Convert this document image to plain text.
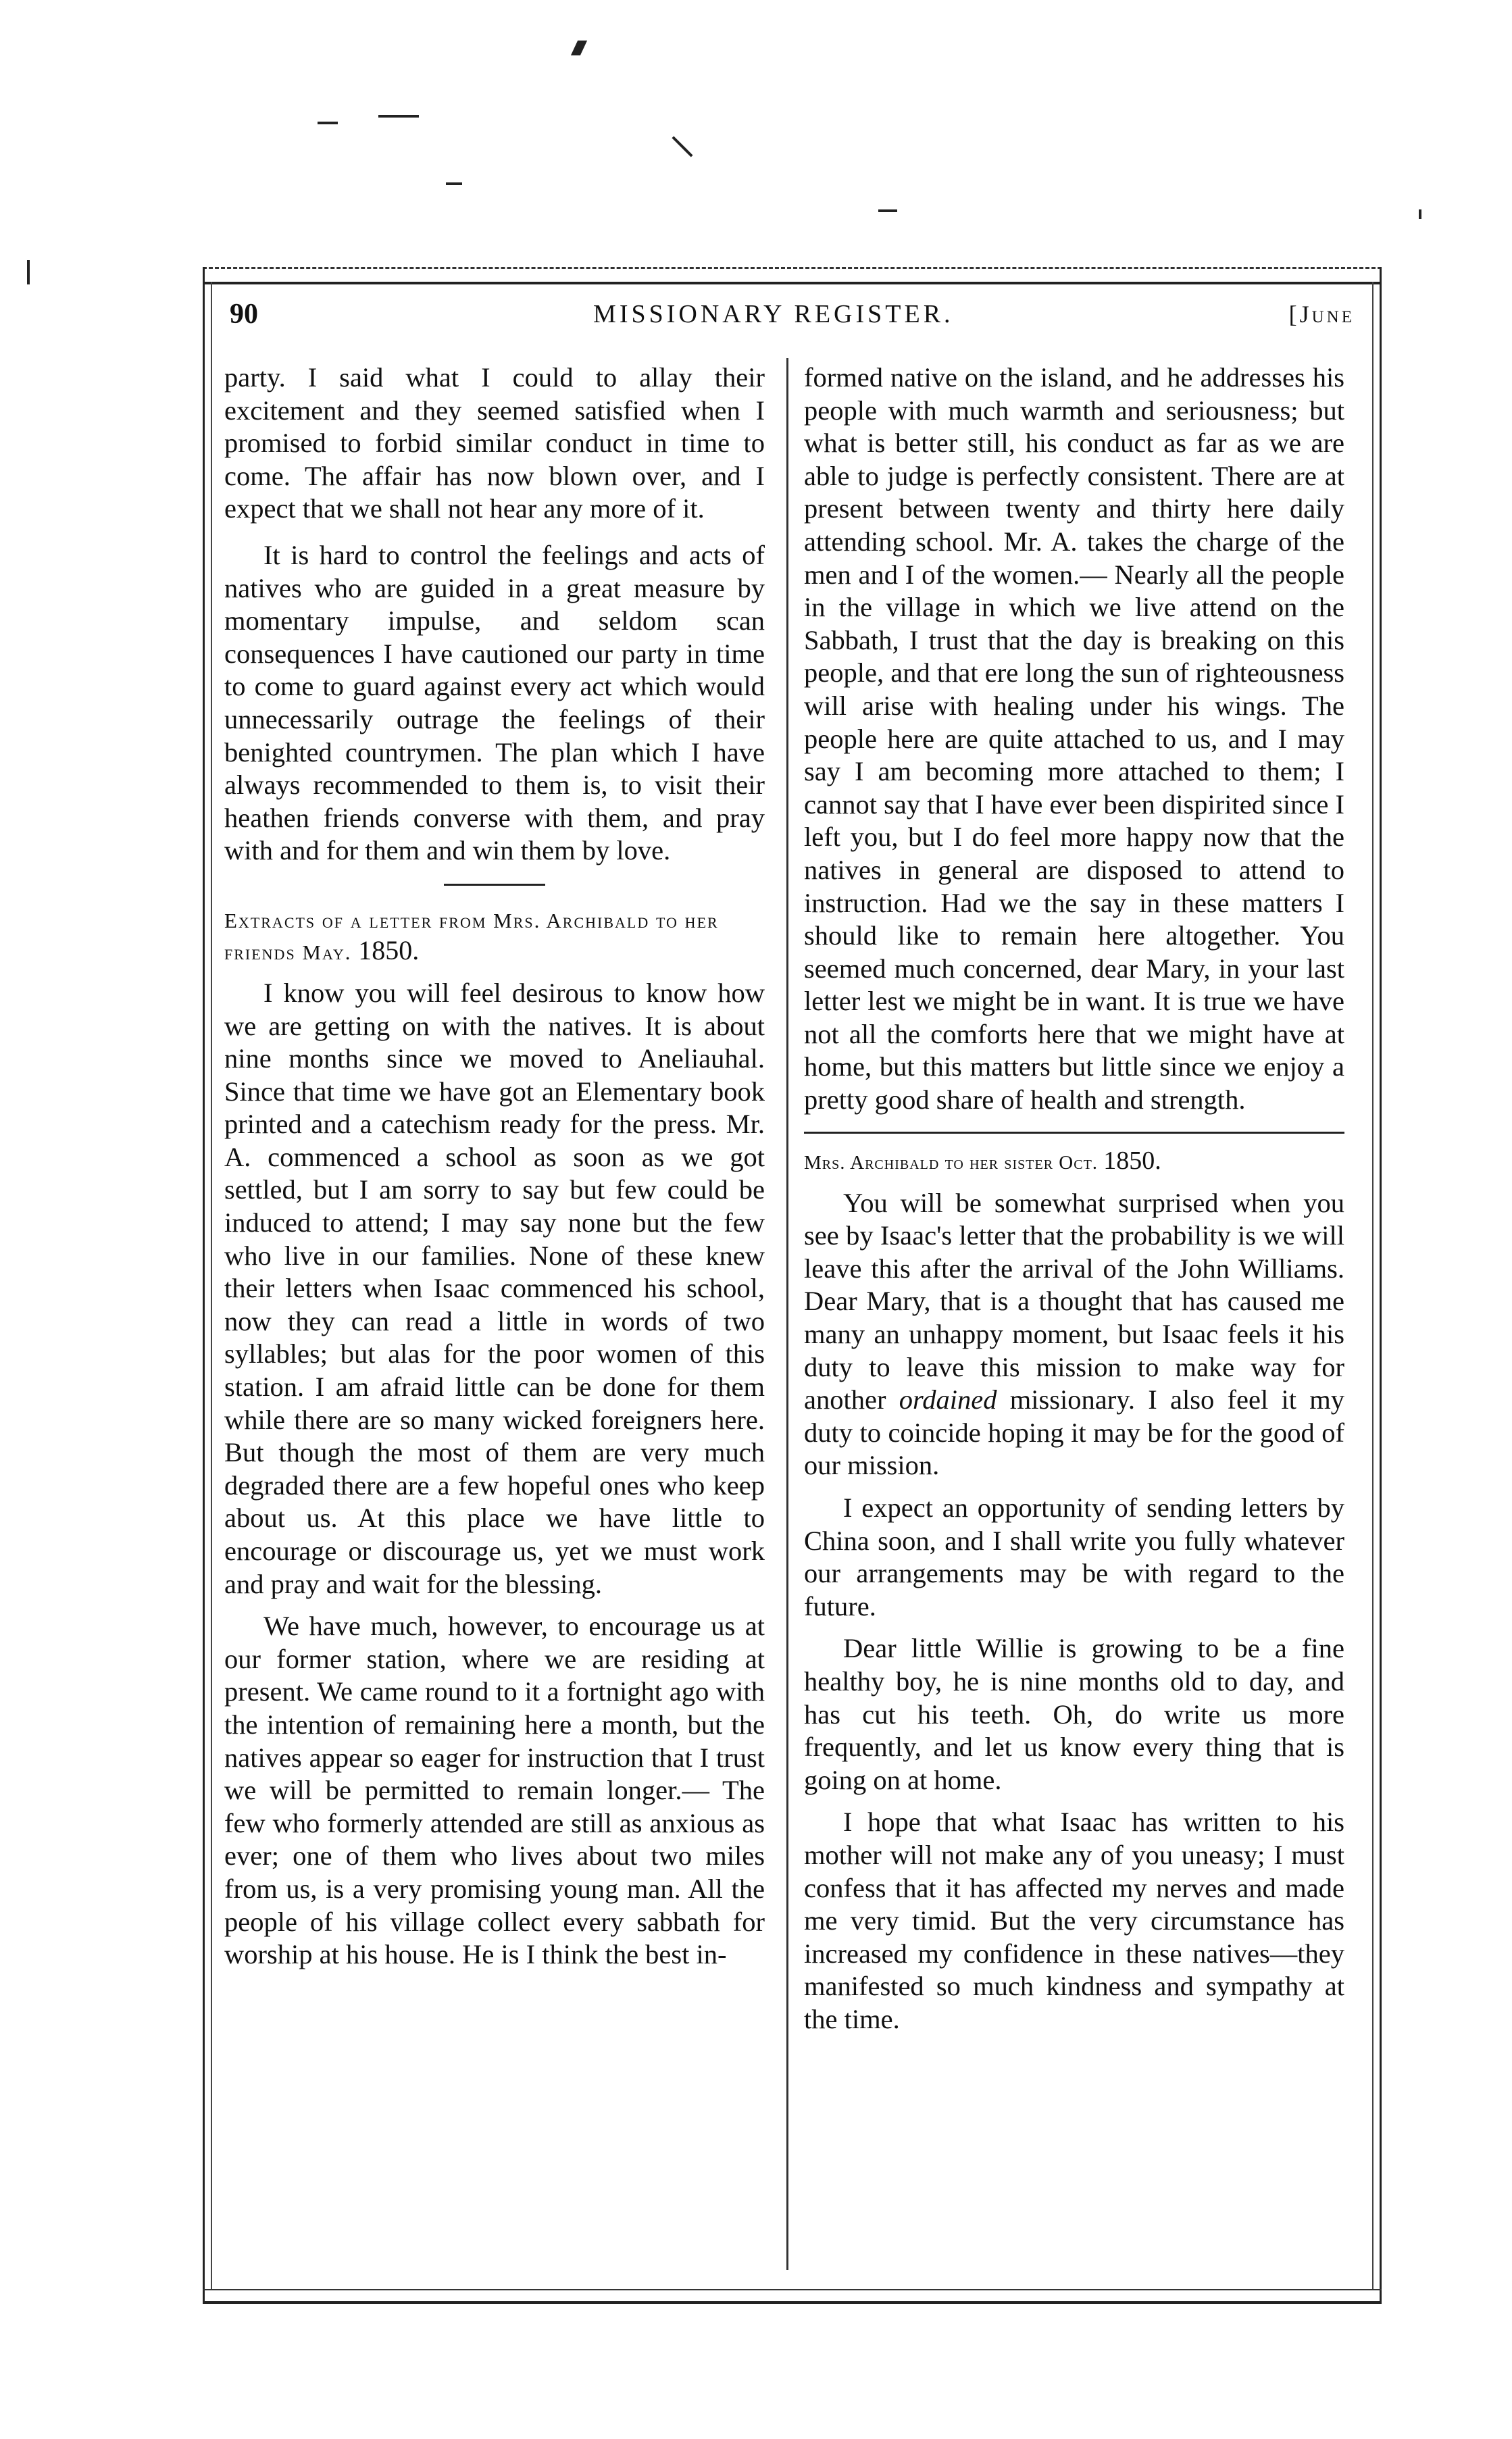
90	MISSIONARY REGISTER.	[June

party. I said what I could to allay their excitement and they seemed satisfied when I promised to forbid similar conduct in time to come. The affair has now blown over, and I expect that we shall not hear any more of it.

It is hard to control the feelings and acts of natives who are guided in a great measure by momentary impulse, and seldom scan consequences I have cautioned our party in time to come to guard against every act which would unnecessarily outrage the feelings of their benighted countrymen. The plan which I have always recommended to them is, to visit their heathen friends converse with them, and pray with and for them and win them by love.

Extracts of a letter from Mrs. Archibald to her friends May. 1850.

I know you will feel desirous to know how we are getting on with the natives. It is about nine months since we moved to Aneliauhal. Since that time we have got an Elementary book printed and a catechism ready for the press. Mr. A. commenced a school as soon as we got settled, but I am sorry to say but few could be induced to attend; I may say none but the few who live in our families. None of these knew their letters when Isaac commenced his school, now they can read a little in words of two syllables; but alas for the poor women of this station. I am afraid little can be done for them while there are so many wicked foreigners here. But though the most of them are very much degraded there are a few hopeful ones who keep about us. At this place we have little to encourage or discourage us, yet we must work and pray and wait for the blessing.

We have much, however, to encourage us at our former station, where we are residing at present. We came round to it a fortnight ago with the intention of remaining here a month, but the natives appear so eager for instruction that I trust we will be permitted to remain longer.— The few who formerly attended are still as anxious as ever; one of them who lives about two miles from us, is a very promising young man. All the people of his village collect every sabbath for worship at his house. He is I think the best in-

formed native on the island, and he addresses his people with much warmth and seriousness; but what is better still, his conduct as far as we are able to judge is perfectly consistent. There are at present between twenty and thirty here daily attending school. Mr. A. takes the charge of the men and I of the women.— Nearly all the people in the village in which we live attend on the Sabbath, I trust that the day is breaking on this people, and that ere long the sun of righteousness will arise with healing under his wings. The people here are quite attached to us, and I may say I am becoming more attached to them; I cannot say that I have ever been dispirited since I left you, but I do feel more happy now that the natives in general are disposed to attend to instruction. Had we the say in these matters I should like to remain here altogether. You seemed much concerned, dear Mary, in your last letter lest we might be in want. It is true we have not all the comforts here that we might have at home, but this matters but little since we enjoy a pretty good share of health and strength.

Mrs. Archibald to her sister Oct. 1850.

You will be somewhat surprised when you see by Isaac's letter that the probability is we will leave this after the arrival of the John Williams. Dear Mary, that is a thought that has caused me many an unhappy moment, but Isaac feels it his duty to leave this mission to make way for another ordained missionary. I also feel it my duty to coincide hoping it may be for the good of our mission.

I expect an opportunity of sending letters by China soon, and I shall write you fully whatever our arrangements may be with regard to the future.

Dear little Willie is growing to be a fine healthy boy, he is nine months old to day, and has cut his teeth. Oh, do write us more frequently, and let us know every thing that is going on at home.

I hope that what Isaac has written to his mother will not make any of you uneasy; I must confess that it has affected my nerves and made me very timid. But the very circumstance has increased my confidence in these natives—they manifested so much kindness and sympathy at the time.
